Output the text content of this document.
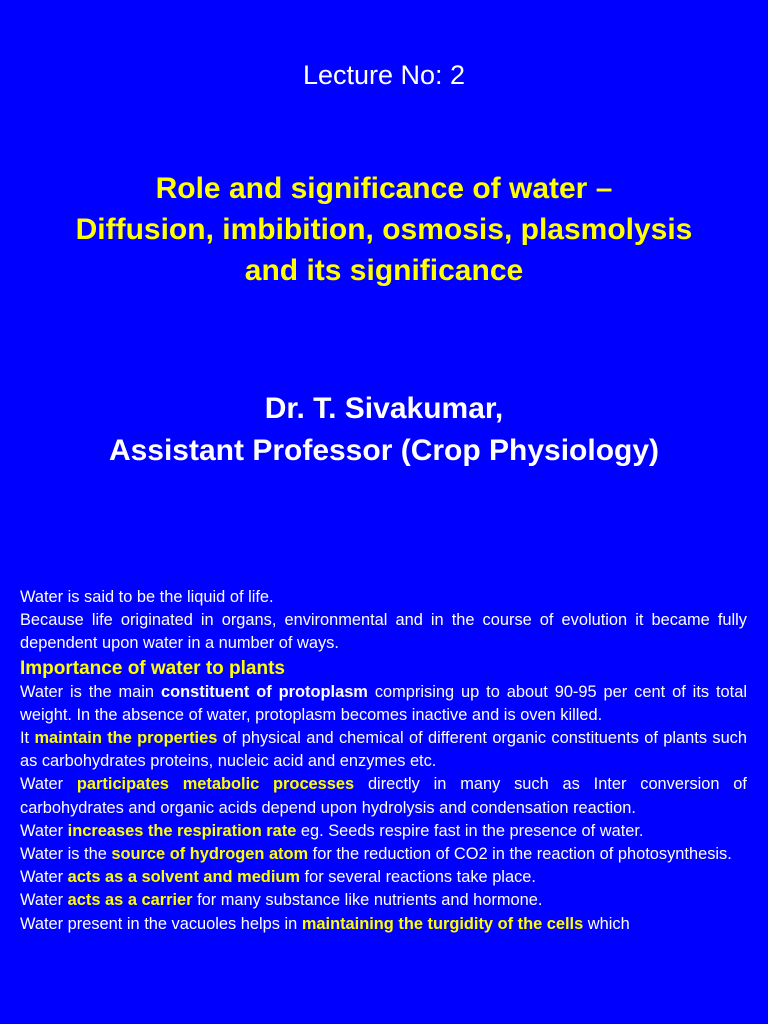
Lecture No: 2
Role and significance of water –
Diffusion, imbibition, osmosis, plasmolysis
and its significance
Dr. T. Sivakumar,
Assistant Professor (Crop Physiology)

Water is said to be the liquid of life.

Because life originated in organs, environmental and in the course of evolution it became fully dependent upon water in a number of ways.

Importance of water to plants

Water is the main constituent of protoplasm comprising up to about 90-95 per cent of its total weight. In the absence of water, protoplasm becomes inactive and is oven killed.

It maintain the properties of physical and chemical of different organic constituents of plants such as carbohydrates proteins, nucleic acid and enzymes etc.

Water participates metabolic processes directly in many such as Inter conversion of carbohydrates and organic acids depend upon hydrolysis and condensation reaction.

Water increases the respiration rate eg. Seeds respire fast in the presence of water.

Water is the source of hydrogen atom for the reduction of CO2 in the reaction of photosynthesis.

Water acts as a solvent and medium for several reactions take place.

Water acts as a carrier for many substance like nutrients and hormone.

Water present in the vacuoles helps in maintaining the turgidity of the cells which
